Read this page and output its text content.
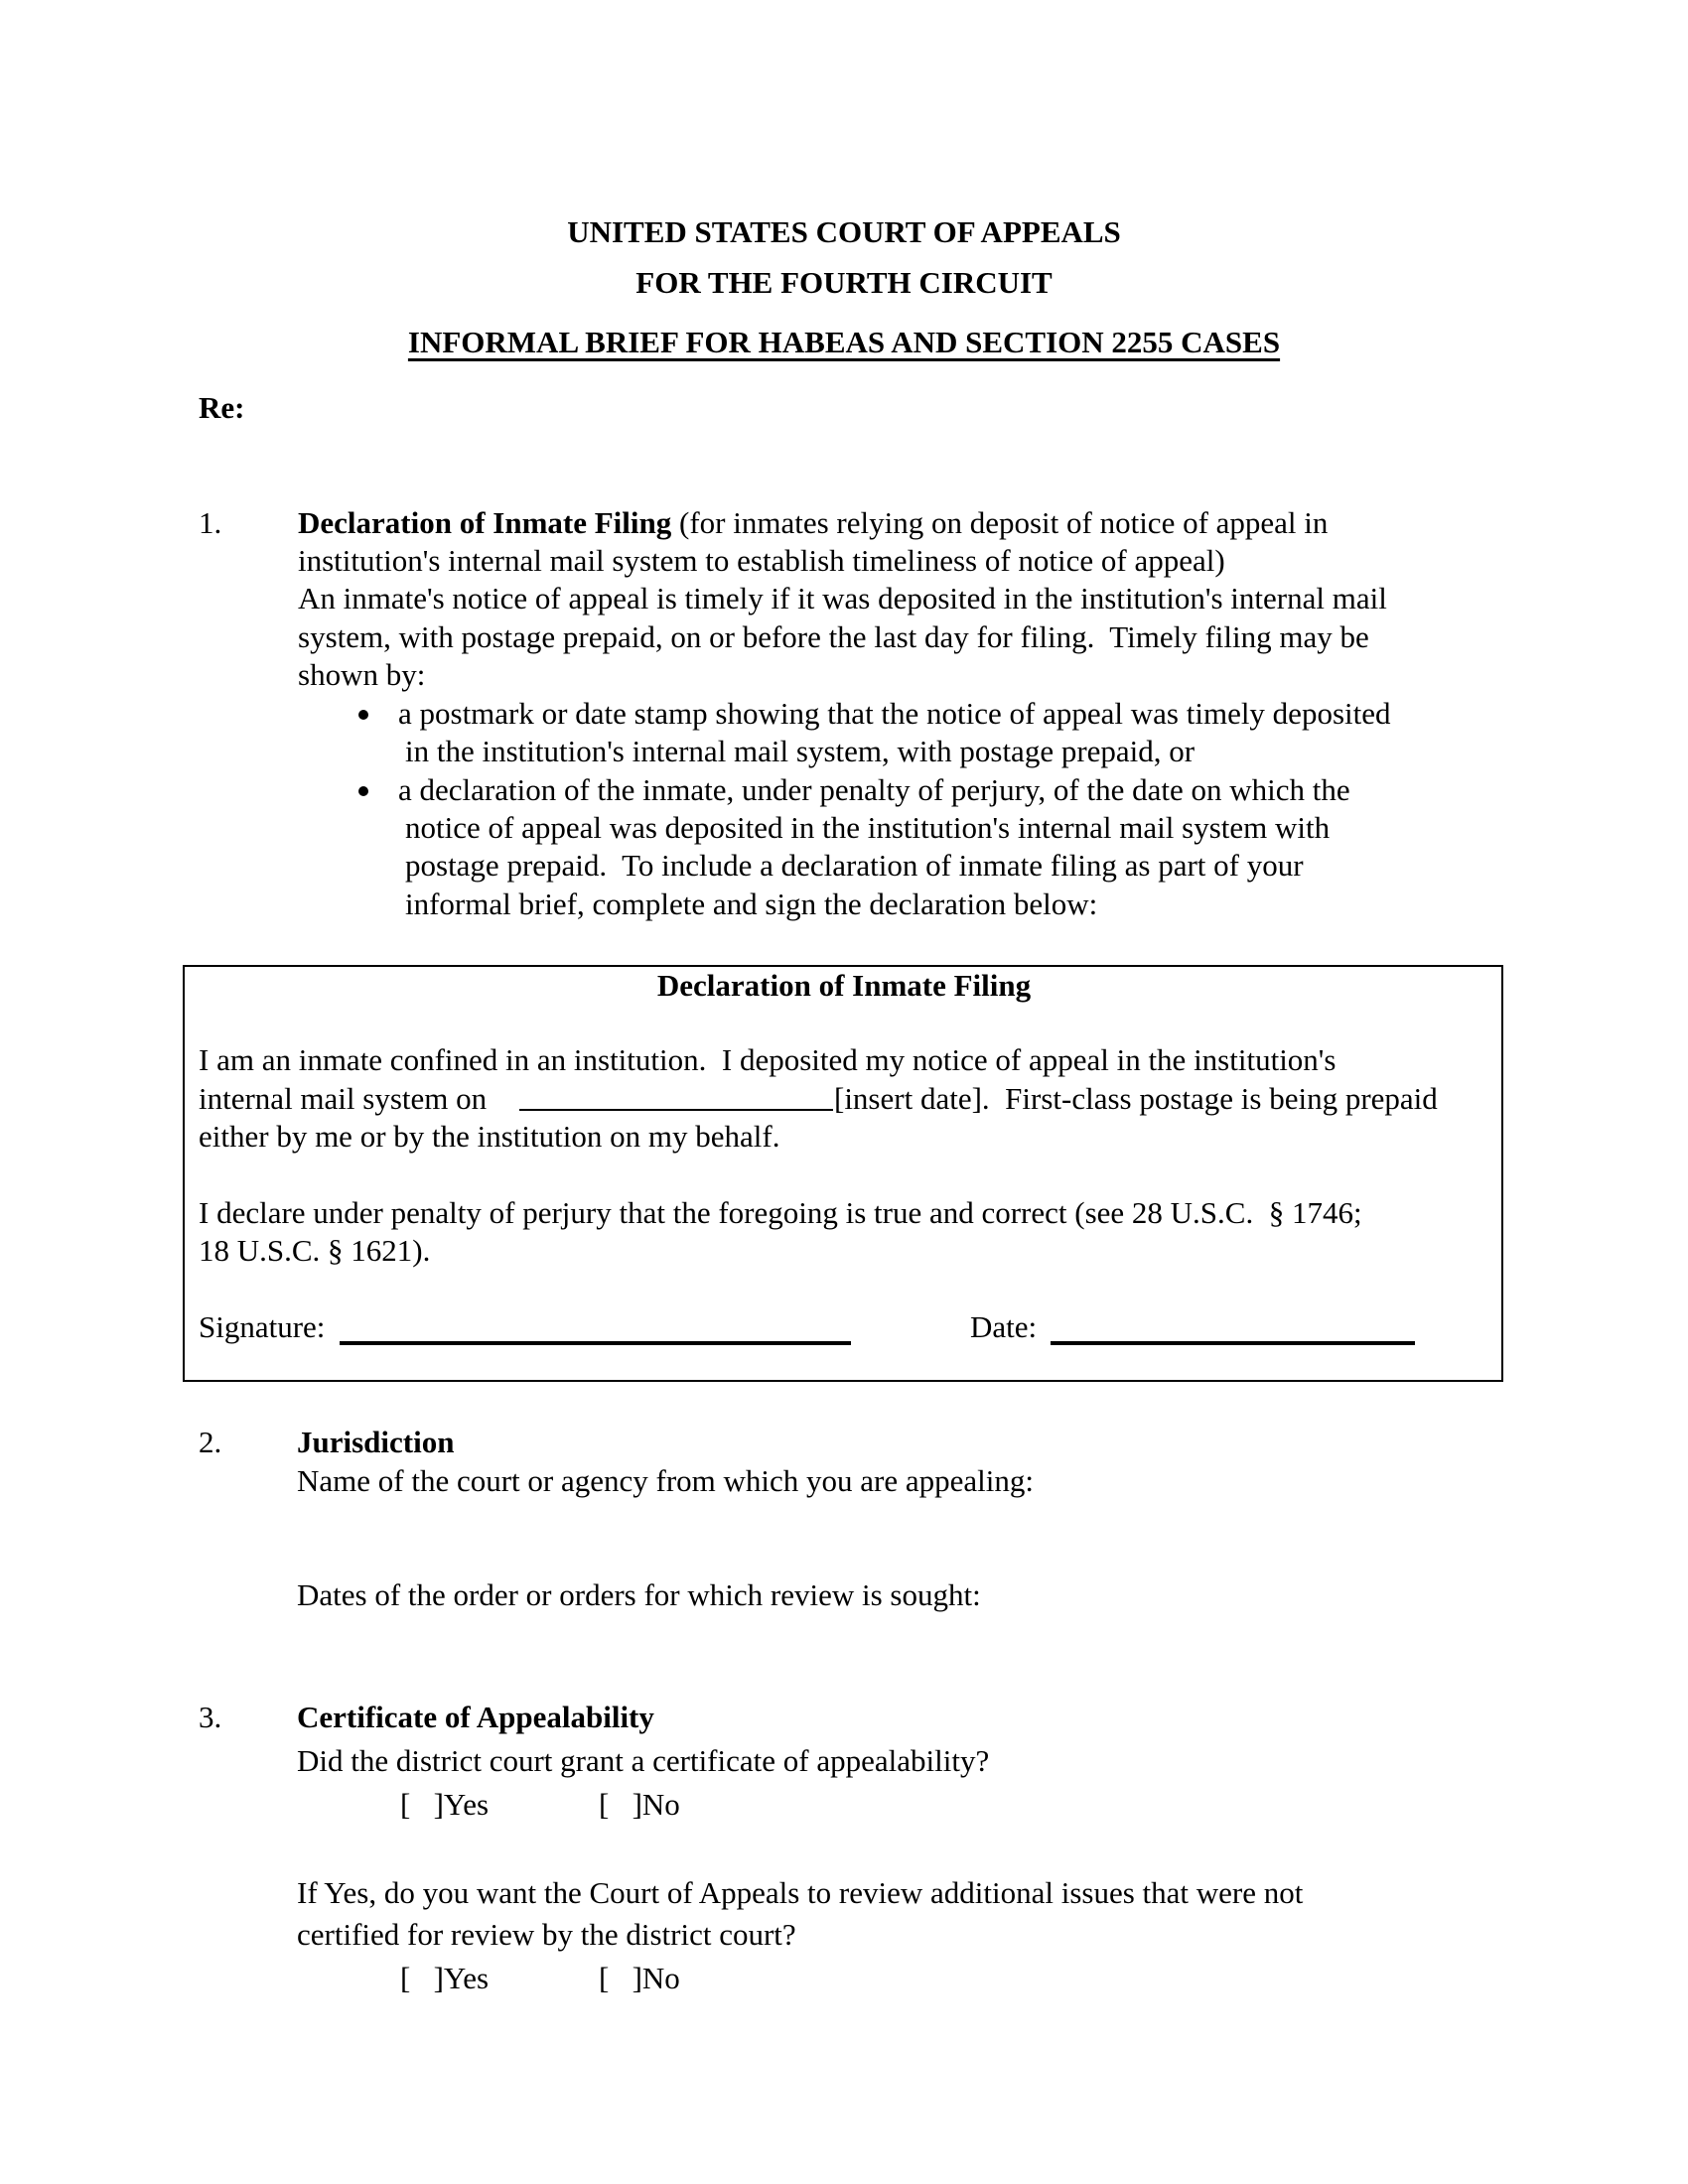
UNITED STATES COURT OF APPEALS
FOR THE FOURTH CIRCUIT
INFORMAL BRIEF FOR HABEAS AND SECTION 2255 CASES
Re:
1. Declaration of Inmate Filing (for inmates relying on deposit of notice of appeal in
institution's internal mail system to establish timeliness of notice of appeal)
An inmate's notice of appeal is timely if it was deposited in the institution's internal mail
system, with postage prepaid, on or before the last day for filing.  Timely filing may be
shown by:
a postmark or date stamp showing that the notice of appeal was timely deposited
in the institution's internal mail system, with postage prepaid, or
a declaration of the inmate, under penalty of perjury, of the date on which the
notice of appeal was deposited in the institution's internal mail system with
postage prepaid.  To include a declaration of inmate filing as part of your
informal brief, complete and sign the declaration below:
Declaration of Inmate Filing
I am an inmate confined in an institution.  I deposited my notice of appeal in the institution's
internal mail system on	[insert date].  First-class postage is being prepaid
either by me or by the institution on my behalf.
I declare under penalty of perjury that the foregoing is true and correct (see 28 U.S.C.  § 1746;
18 U.S.C. § 1621).
Signature:	Date:
2. Jurisdiction
Name of the court or agency from which you are appealing:
Dates of the order or orders for which review is sought:
3. Certificate of Appealability
Did the district court grant a certificate of appealability?
[   ]Yes	[   ]No
If Yes, do you want the Court of Appeals to review additional issues that were not
certified for review by the district court?
[   ]Yes	[   ]No
